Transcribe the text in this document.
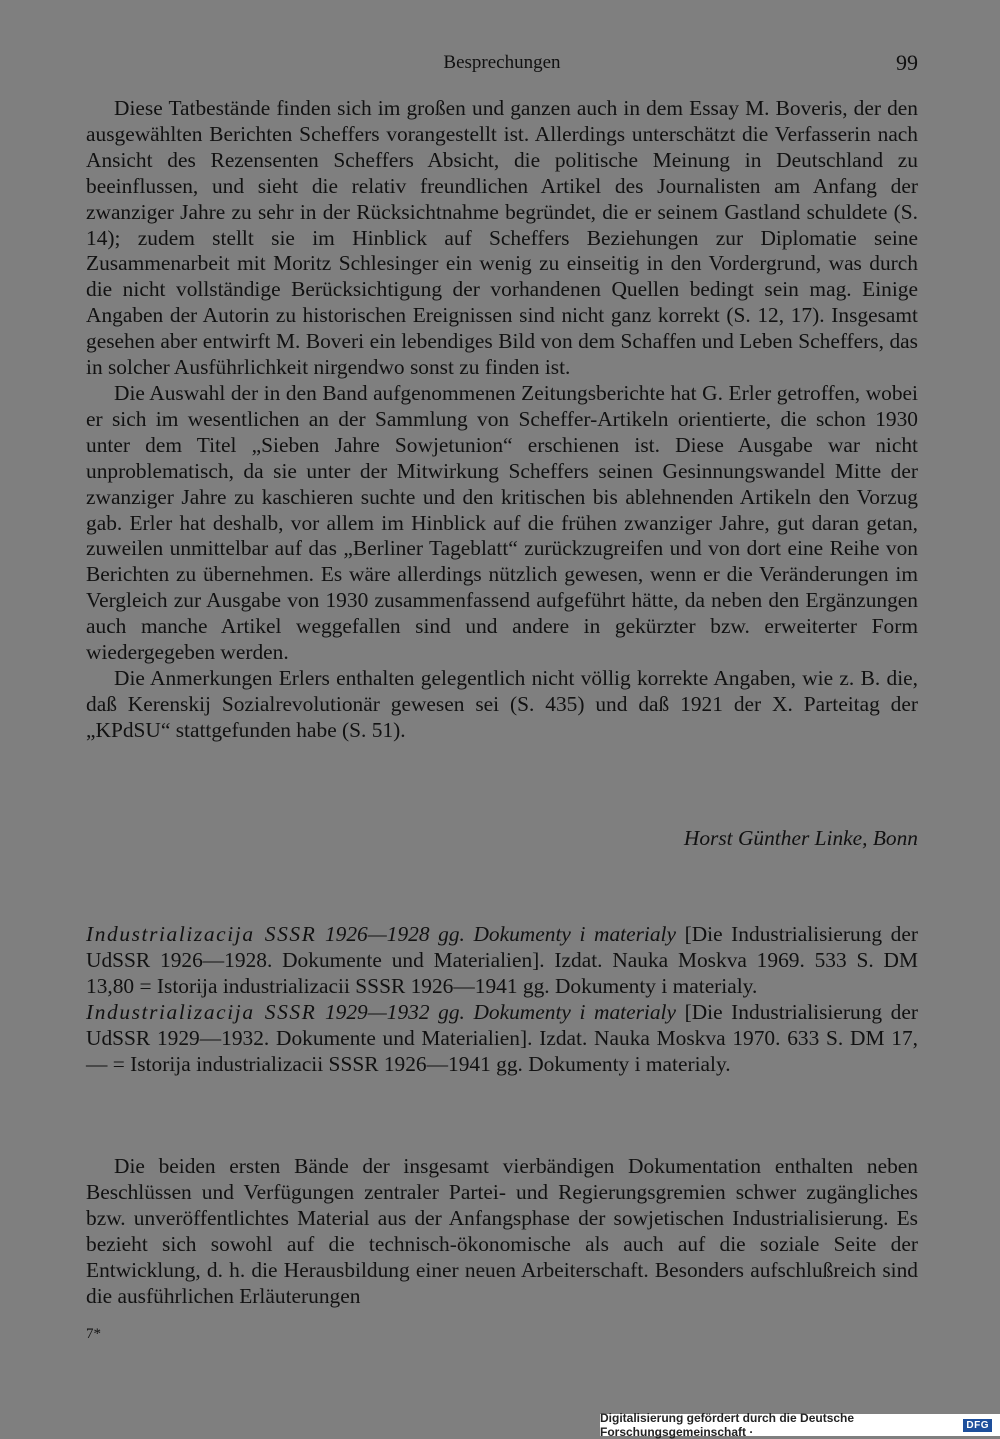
Besprechungen	99

Diese Tatbestände finden sich im großen und ganzen auch in dem Essay M. Boveris, der den ausgewählten Berichten Scheffers vorangestellt ist. Allerdings unterschätzt die Verfasserin nach Ansicht des Rezensenten Scheffers Absicht, die politische Meinung in Deutschland zu beeinflussen, und sieht die relativ freundlichen Artikel des Journalisten am Anfang der zwanziger Jahre zu sehr in der Rücksichtnahme begründet, die er seinem Gastland schuldete (S. 14); zudem stellt sie im Hinblick auf Scheffers Beziehungen zur Diplomatie seine Zusammenarbeit mit Moritz Schlesinger ein wenig zu einseitig in den Vordergrund, was durch die nicht vollständige Berücksichtigung der vorhandenen Quellen bedingt sein mag. Einige Angaben der Autorin zu historischen Ereignissen sind nicht ganz korrekt (S. 12, 17). Insgesamt gesehen aber entwirft M. Boveri ein lebendiges Bild von dem Schaffen und Leben Scheffers, das in solcher Ausführlichkeit nirgendwo sonst zu finden ist.

Die Auswahl der in den Band aufgenommenen Zeitungsberichte hat G. Erler getroffen, wobei er sich im wesentlichen an der Sammlung von Scheffer-Artikeln orientierte, die schon 1930 unter dem Titel „Sieben Jahre Sowjetunion“ erschienen ist. Diese Ausgabe war nicht unproblematisch, da sie unter der Mitwirkung Scheffers seinen Gesinnungswandel Mitte der zwanziger Jahre zu kaschieren suchte und den kritischen bis ablehnenden Artikeln den Vorzug gab. Erler hat deshalb, vor allem im Hinblick auf die frühen zwanziger Jahre, gut daran getan, zuweilen unmittelbar auf das „Berliner Tageblatt“ zurückzugreifen und von dort eine Reihe von Berichten zu übernehmen. Es wäre allerdings nützlich gewesen, wenn er die Veränderungen im Vergleich zur Ausgabe von 1930 zusammenfassend aufgeführt hätte, da neben den Ergänzungen auch manche Artikel weggefallen sind und andere in gekürzter bzw. erweiterter Form wiedergegeben werden.

Die Anmerkungen Erlers enthalten gelegentlich nicht völlig korrekte Angaben, wie z. B. die, daß Kerenskij Sozialrevolutionär gewesen sei (S. 435) und daß 1921 der X. Parteitag der „KPdSU“ stattgefunden habe (S. 51).

Horst Günther Linke, Bonn

Industrializacija SSSR 1926—1928 gg. Dokumenty i materialy [Die Industrialisierung der UdSSR 1926—1928. Dokumente und Materialien]. Izdat. Nauka Moskva 1969. 533 S. DM 13,80 = Istorija industrializacii SSSR 1926—1941 gg. Dokumenty i materialy.

Industrializacija SSSR 1929—1932 gg. Dokumenty i materialy [Die Industrialisierung der UdSSR 1929—1932. Dokumente und Materialien]. Izdat. Nauka Moskva 1970. 633 S. DM 17,— = Istorija industrializacii SSSR 1926—1941 gg. Dokumenty i materialy.

Die beiden ersten Bände der insgesamt vierbändigen Dokumentation enthalten neben Beschlüssen und Verfügungen zentraler Partei- und Regierungsgremien schwer zugängliches bzw. unveröffentlichtes Material aus der Anfangsphase der sowjetischen Industrialisierung. Es bezieht sich sowohl auf die technisch-ökonomische als auch auf die soziale Seite der Entwicklung, d. h. die Herausbildung einer neuen Arbeiterschaft. Besonders aufschlußreich sind die ausführlichen Erläuterungen

7*
Digitalisierung gefördert durch die Deutsche Forschungsgemeinschaft ·	DFG
